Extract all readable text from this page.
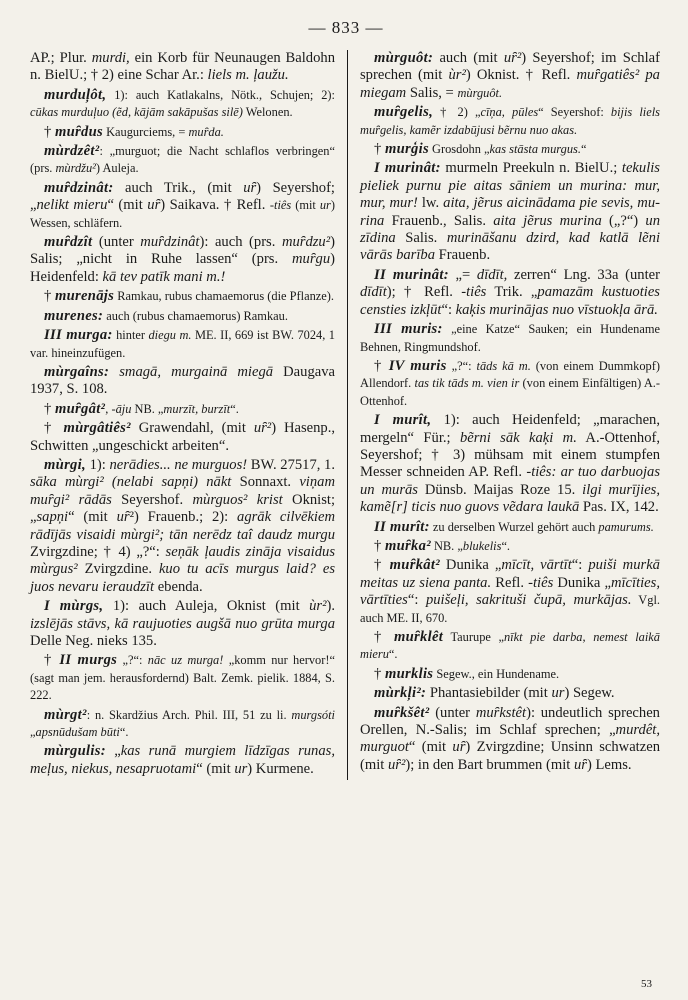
— 833 —

AP.; Plur. murdi, ein Korb für Neunaugen Baldohn n. BielU.; † 2) eine Schar Ar.: liels m. ļaužu.

murduļôt, 1): auch Katlakalns, Nötk., Schujen; 2): cūkas murduļuo (ẽd, kājām sakāpušas silē) Welonen.

† muȓdus Kaugurciems, = muȓda.

mùrdzêt²: „murguot; die Nacht schlaflos verbringen“ (prs. mùrdžu²) Auleja.

muȓdzinât: auch Trik., (mit uȓ) Seyershof; „nelikt mieru“ (mit uȓ) Saikava. † Refl. -tiês (mit ur) Wessen, schläfern.

muȓdzît (unter muȓdzinât): auch (prs. muȓdzu²) Salis; „nicht in Ruhe lassen“ (prs. muȓgu) Heidenfeld: kā tev patīk mani m.!

† murenājs Ramkau, rubus chamaemorus (die Pflanze).

murenes: auch (rubus chamaemorus) Ramkau.

III murga: hinter diegu m. ME. II, 669 ist BW. 7024, 1 var. hineinzufügen.

mùrgaîns: smagā, murgainā miegā Daugava 1937, S. 108.

† muȓgât², -āju NB. „murzīt, burzīt“.

† mùrgâtiês² Grawendahl, (mit uȓ²) Hasenp., Schwitten „ungeschickt arbeiten“.

mùrgi, 1): nerādies... ne murguos! BW. 27517, 1. sāka mùrgi² (nelabi sapņi) nākt Sonnaxt. viņam muȓgi² rādās Seyershof. mùrguos² krist Oknist; „sapņi“ (mit uȓ²) Frauenb.; 2): agrāk cilvēkiem rādījās visaidi mùrgi²; tān nerēdz taî daudz murgu Zvirgzdine; † 4) „?“: seņāk ļaudis zināja visaidus mùrgus² Zvirgzdine. kuo tu acīs murgus laid? es juos nevaru ieraudzīt ebenda.

I mùrgs, 1): auch Auleja, Oknist (mit ùr²). izslējās stāvs, kā raujuoties augšā nuo grūta murga Delle Neg. nieks 135.

† II murgs „?“: nāc uz murga! „komm nur hervor!“ (sagt man jem. herausfordernd) Balt. Zemk. pielik. 1884, S. 222.

mùrgt²: n. Skardžius Arch. Phil. III, 51 zu li. murgsóti „apsnūdušam būti“.

mùrgulis: „kas runā murgiem līdzīgas runas, meļus, niekus, nesapruotami“ (mit ur) Kurmene.

mùrguôt: auch (mit uȓ²) Seyershof; im Schlaf sprechen (mit ùr²) Oknist. † Refl. muȓgatiês² pa miegam Salis, = mùrguôt.

muȓgelis, † 2) „cīņa, pūles“ Seyershof: bijis liels muȓgelis, kamẽr izdabūjusi bẽrnu nuo akas.

† murģis Grosdohn „kas stāsta murgus.“

I murinât: murmeln Preekuln n. BielU.; tekulis pieliek purnu pie aitas sāniem un murina: mur, mur, mur! lw. aita, jẽrus aicinādama pie sevis, murina Frauenb., Salis. aita jẽrus murina („?“) un zīdina Salis. murināšanu dzird, kad katlā lẽni vārās barība Frauenb.

II murinât: „= dīdīt, zerren“ Lng. 33a (unter dīdīt); † Refl. -tiês Trik. „pamazām kustuoties censties izkļūt“: kaķis murinājas nuo vīstuokļa ārā.

III muris: „eine Katze“ Sauken; ein Hundename Behnen, Ringmundshof.

† IV muris „?“: tāds kā m. (von einem Dummkopf) Allendorf. tas tik tāds m. vien ir (von einem Einfältigen) A.-Ottenhof.

I murît, 1): auch Heidenfeld; „marachen, mergeln“ Für.; bẽrni sāk kaķi m. A.-Ottenhof, Seyershof; † 3) mühsam mit einem stumpfen Messer schneiden AP. Refl. -tiês: ar tuo darbuojas un murās Dünsb. Maijas Roze 15. ilgi murījies, kamẽ[r] ticis nuo guovs vẽdara laukā Pas. IX, 142.

II murît: zu derselben Wurzel gehört auch pamurums.

† muȓka² NB. „blukelis“.

† muȓkât² Dunika „mīcīt, vārtīt“: puiši murkā meitas uz siena panta. Refl. -tiês Dunika „mīcīties, vārtīties“: puišeļi, sakrituši čupā, murkājas. Vgl. auch ME. II, 670.

† muȓklêt Taurupe „nīkt pie darba, nemest laikā mieru“.

† murklis Segew., ein Hundename.

mùrkļi²: Phantasiebilder (mit ur) Segew.

muȓkšêt² (unter muȓkstêt): undeutlich sprechen Orellen, N.-Salis; im Schlaf sprechen; „murdêt, murguot“ (mit uȓ) Zvirgzdine; Unsinn schwatzen (mit uȓ²); in den Bart brummen (mit uȓ) Lems.

53
